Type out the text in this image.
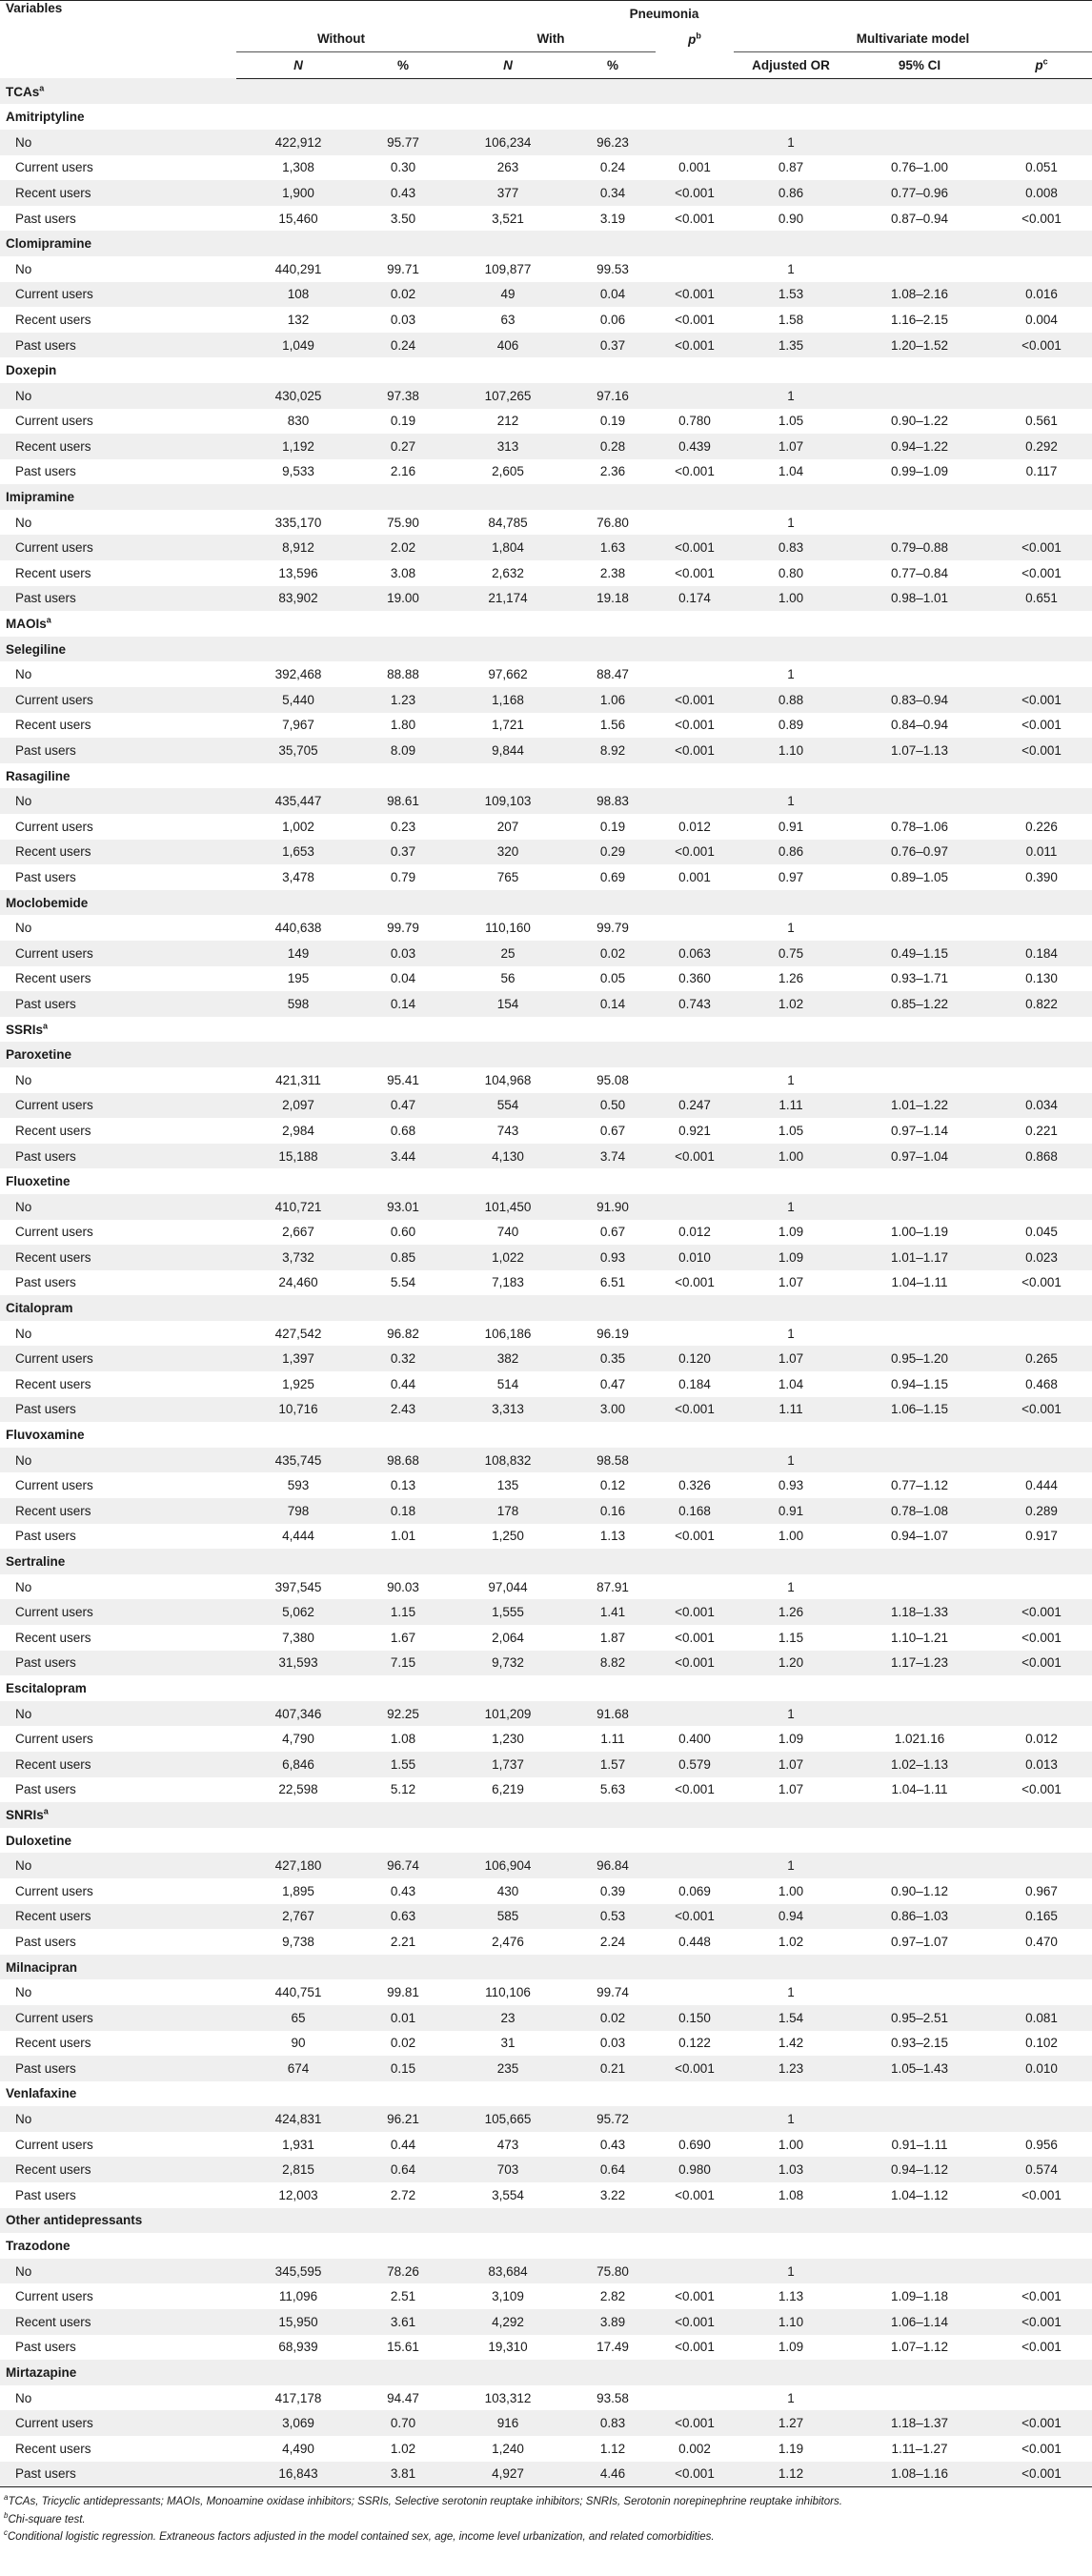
Variables	Pneumonia							
	Without		With		$p^b$	Multivariate model		
	N	%	N	%		Adjusted OR	95% CI	$p^c$
TCAs$^a$
Amitriptyline								
No	422,912	95.77	106,234	96.23		1		
Current users	1,308	0.30	263	0.24	0.001	0.87	0.76–1.00	0.051
Recent users	1,900	0.43	377	0.34	<0.001	0.86	0.77–0.96	0.008
Past users	15,460	3.50	3,521	3.19	<0.001	0.90	0.87–0.94	<0.001
Clomipramine								
No	440,291	99.71	109,877	99.53		1		
Current users	108	0.02	49	0.04	<0.001	1.53	1.08–2.16	0.016
Recent users	132	0.03	63	0.06	<0.001	1.58	1.16–2.15	0.004
Past users	1,049	0.24	406	0.37	<0.001	1.35	1.20–1.52	<0.001
Doxepin								
No	430,025	97.38	107,265	97.16		1		
Current users	830	0.19	212	0.19	0.780	1.05	0.90–1.22	0.561
Recent users	1,192	0.27	313	0.28	0.439	1.07	0.94–1.22	0.292
Past users	9,533	2.16	2,605	2.36	<0.001	1.04	0.99–1.09	0.117
Imipramine								
No	335,170	75.90	84,785	76.80		1		
Current users	8,912	2.02	1,804	1.63	<0.001	0.83	0.79–0.88	<0.001
Recent users	13,596	3.08	2,632	2.38	<0.001	0.80	0.77–0.84	<0.001
Past users	83,902	19.00	21,174	19.18	0.174	1.00	0.98–1.01	0.651
MAOIs$^a$
Selegiline								
No	392,468	88.88	97,662	88.47		1		
Current users	5,440	1.23	1,168	1.06	<0.001	0.88	0.83–0.94	<0.001
Recent users	7,967	1.80	1,721	1.56	<0.001	0.89	0.84–0.94	<0.001
Past users	35,705	8.09	9,844	8.92	<0.001	1.10	1.07–1.13	<0.001
Rasagiline								
No	435,447	98.61	109,103	98.83		1		
Current users	1,002	0.23	207	0.19	0.012	0.91	0.78–1.06	0.226
Recent users	1,653	0.37	320	0.29	<0.001	0.86	0.76–0.97	0.011
Past users	3,478	0.79	765	0.69	0.001	0.97	0.89–1.05	0.390
Moclobemide								
No	440,638	99.79	110,160	99.79		1		
Current users	149	0.03	25	0.02	0.063	0.75	0.49–1.15	0.184
Recent users	195	0.04	56	0.05	0.360	1.26	0.93–1.71	0.130
Past users	598	0.14	154	0.14	0.743	1.02	0.85–1.22	0.822
SSRIs$^a$
Paroxetine								
No	421,311	95.41	104,968	95.08		1		
Current users	2,097	0.47	554	0.50	0.247	1.11	1.01–1.22	0.034
Recent users	2,984	0.68	743	0.67	0.921	1.05	0.97–1.14	0.221
Past users	15,188	3.44	4,130	3.74	<0.001	1.00	0.97–1.04	0.868
Fluoxetine								
No	410,721	93.01	101,450	91.90		1		
Current users	2,667	0.60	740	0.67	0.012	1.09	1.00–1.19	0.045
Recent users	3,732	0.85	1,022	0.93	0.010	1.09	1.01–1.17	0.023
Past users	24,460	5.54	7,183	6.51	<0.001	1.07	1.04–1.11	<0.001
Citalopram								
No	427,542	96.82	106,186	96.19		1		
Current users	1,397	0.32	382	0.35	0.120	1.07	0.95–1.20	0.265
Recent users	1,925	0.44	514	0.47	0.184	1.04	0.94–1.15	0.468
Past users	10,716	2.43	3,313	3.00	<0.001	1.11	1.06–1.15	<0.001
Fluvoxamine								
No	435,745	98.68	108,832	98.58		1		
Current users	593	0.13	135	0.12	0.326	0.93	0.77–1.12	0.444
Recent users	798	0.18	178	0.16	0.168	0.91	0.78–1.08	0.289
Past users	4,444	1.01	1,250	1.13	<0.001	1.00	0.94–1.07	0.917
Sertraline								
No	397,545	90.03	97,044	87.91		1		
Current users	5,062	1.15	1,555	1.41	<0.001	1.26	1.18–1.33	<0.001
Recent users	7,380	1.67	2,064	1.87	<0.001	1.15	1.10–1.21	<0.001
Past users	31,593	7.15	9,732	8.82	<0.001	1.20	1.17–1.23	<0.001
Escitalopram								
No	407,346	92.25	101,209	91.68		1		
Current users	4,790	1.08	1,230	1.11	0.400	1.09	1.021.16	0.012
Recent users	6,846	1.55	1,737	1.57	0.579	1.07	1.02–1.13	0.013
Past users	22,598	5.12	6,219	5.63	<0.001	1.07	1.04–1.11	<0.001
SNRIs$^a$
Duloxetine								
No	427,180	96.74	106,904	96.84		1		
Current users	1,895	0.43	430	0.39	0.069	1.00	0.90–1.12	0.967
Recent users	2,767	0.63	585	0.53	<0.001	0.94	0.86–1.03	0.165
Past users	9,738	2.21	2,476	2.24	0.448	1.02	0.97–1.07	0.470
Milnacipran								
No	440,751	99.81	110,106	99.74		1		
Current users	65	0.01	23	0.02	0.150	1.54	0.95–2.51	0.081
Recent users	90	0.02	31	0.03	0.122	1.42	0.93–2.15	0.102
Past users	674	0.15	235	0.21	<0.001	1.23	1.05–1.43	0.010
Venlafaxine								
No	424,831	96.21	105,665	95.72		1		
Current users	1,931	0.44	473	0.43	0.690	1.00	0.91–1.11	0.956
Recent users	2,815	0.64	703	0.64	0.980	1.03	0.94–1.12	0.574
Past users	12,003	2.72	3,554	3.22	<0.001	1.08	1.04–1.12	<0.001
Other antidepressants								
Trazodone								
No	345,595	78.26	83,684	75.80		1		
Current users	11,096	2.51	3,109	2.82	<0.001	1.13	1.09–1.18	<0.001
Recent users	15,950	3.61	4,292	3.89	<0.001	1.10	1.06–1.14	<0.001
Past users	68,939	15.61	19,310	17.49	<0.001	1.09	1.07–1.12	<0.001
Mirtazapine								
No	417,178	94.47	103,312	93.58		1		
Current users	3,069	0.70	916	0.83	<0.001	1.27	1.18–1.37	<0.001
Recent users	4,490	1.02	1,240	1.12	0.002	1.19	1.11–1.27	<0.001
Past users	16,843	3.81	4,927	4.46	<0.001	1.12	1.08–1.16	<0.001
$^a$TCAs, Tricyclic antidepressants; MAOIs, Monoamine oxidase inhibitors; SSRIs, Selective serotonin reuptake inhibitors; SNRIs, Serotonin norepinephrine reuptake inhibitors.
$^b$Chi-square test.
$^c$Conditional logistic regression. Extraneous factors adjusted in the model contained sex, age, income level urbanization, and related comorbidities.
